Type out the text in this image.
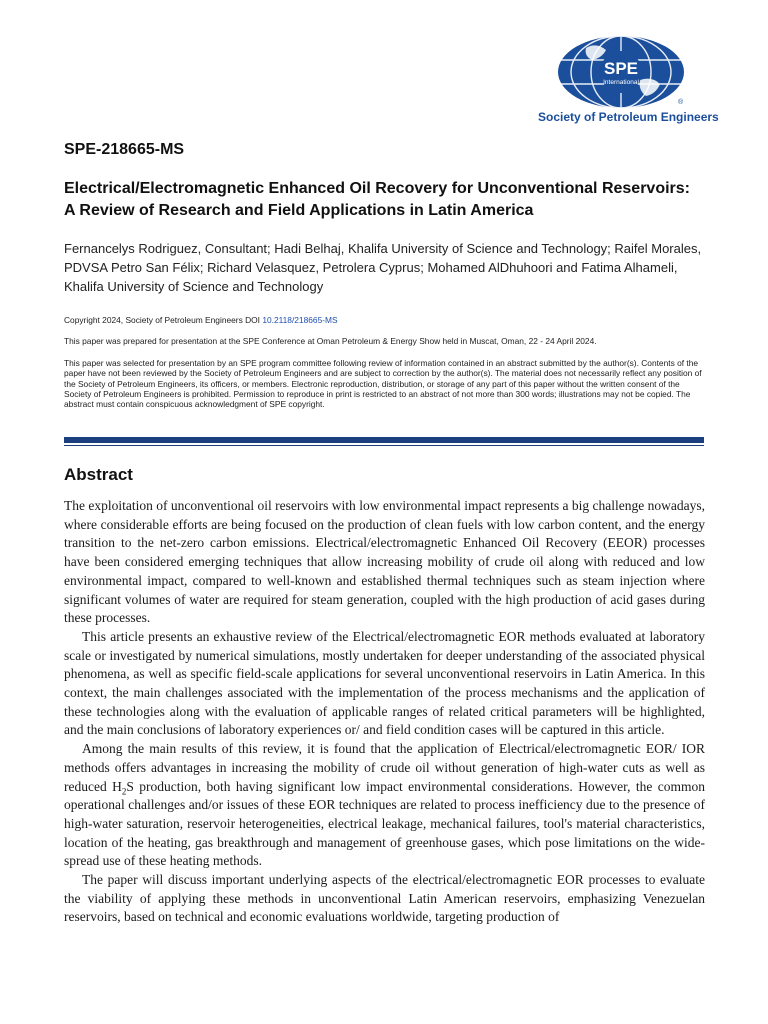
SPE
International
®
Society of Petroleum Engineers
SPE-218665-MS
Electrical/Electromagnetic Enhanced Oil Recovery for Unconventional Reservoirs: A Review of Research and Field Applications in Latin America
Fernancelys Rodriguez, Consultant; Hadi Belhaj, Khalifa University of Science and Technology; Raifel Morales, PDVSA Petro San Félix; Richard Velasquez, Petrolera Cyprus; Mohamed AlDhuhoori and Fatima Alhameli, Khalifa University of Science and Technology
Copyright 2024, Society of Petroleum Engineers DOI 10.2118/218665-MS
This paper was prepared for presentation at the SPE Conference at Oman Petroleum & Energy Show held in Muscat, Oman, 22 - 24 April 2024.
This paper was selected for presentation by an SPE program committee following review of information contained in an abstract submitted by the author(s). Contents of the paper have not been reviewed by the Society of Petroleum Engineers and are subject to correction by the author(s). The material does not necessarily reflect any position of the Society of Petroleum Engineers, its officers, or members. Electronic reproduction, distribution, or storage of any part of this paper without the written consent of the Society of Petroleum Engineers is prohibited. Permission to reproduce in print is restricted to an abstract of not more than 300 words; illustrations may not be copied. The abstract must contain conspicuous acknowledgment of SPE copyright.
Abstract

The exploitation of unconventional oil reservoirs with low environmental impact represents a big challenge nowadays, where considerable efforts are being focused on the production of clean fuels with low carbon content, and the energy transition to the net-zero carbon emissions. Electrical/electromagnetic Enhanced Oil Recovery (EEOR) processes have been considered emerging techniques that allow increasing mobility of crude oil along with reduced and low environmental impact, compared to well-known and established thermal techniques such as steam injection where significant volumes of water are required for steam generation, coupled with the high production of acid gases during these processes.

This article presents an exhaustive review of the Electrical/electromagnetic EOR methods evaluated at laboratory scale or investigated by numerical simulations, mostly undertaken for deeper understanding of the associated physical phenomena, as well as specific field-scale applications for several unconventional reservoirs in Latin America. In this context, the main challenges associated with the implementation of the process mechanisms and the application of these technologies along with the evaluation of applicable ranges of related critical parameters will be highlighted, and the main conclusions of laboratory experiences or/ and field condition cases will be captured in this article.

Among the main results of this review, it is found that the application of Electrical/electromagnetic EOR/ IOR methods offers advantages in increasing the mobility of crude oil without generation of high-water cuts as well as reduced $H_2S$ production, both having significant low impact environmental considerations. However, the common operational challenges and/or issues of these EOR techniques are related to process inefficiency due to the presence of high-water saturation, reservoir heterogeneities, electrical leakage, mechanical failures, tool's material characteristics, location of the heating, gas breakthrough and management of greenhouse gases, which pose limitations on the wide-spread use of these heating methods.

The paper will discuss important underlying aspects of the electrical/electromagnetic EOR processes to evaluate the viability of applying these methods in unconventional Latin American reservoirs, emphasizing Venezuelan reservoirs, based on technical and economic evaluations worldwide, targeting production of
